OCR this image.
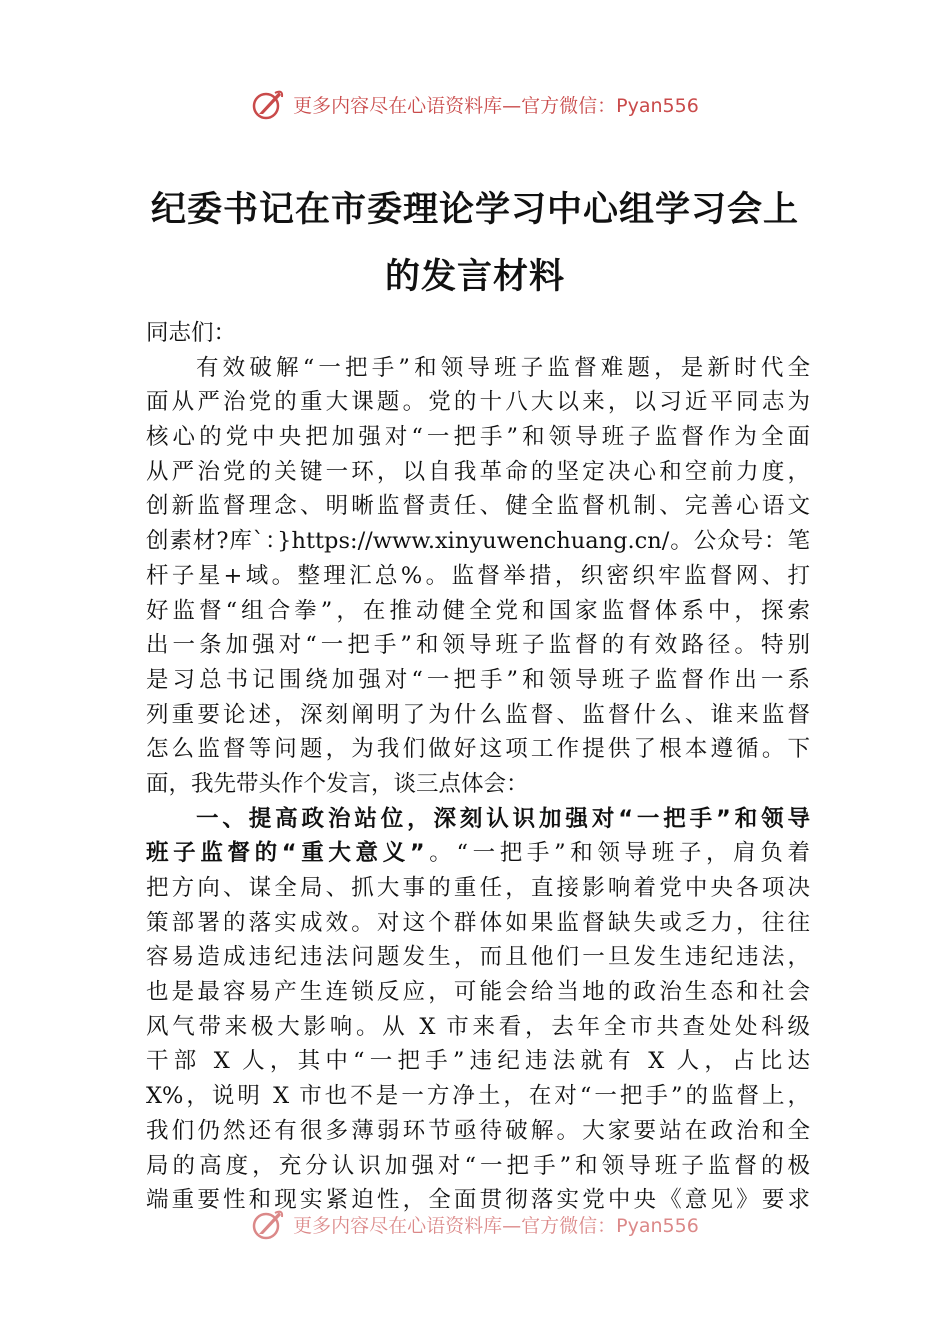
更多内容尽在心语资料库—官方微信：Pyan556
纪委书记在市委理论学习中心组学习会上
的发言材料
同志们：
有效破解“一把手”和领导班子监督难题，是新时代全
面从严治党的重大课题。党的十八大以来，以习近平同志为
核心的党中央把加强对“一把手”和领导班子监督作为全面
从严治党的关键一环，以自我革命的坚定决心和空前力度，
创新监督理念、明晰监督责任、健全监督机制、完善心语文
创素材?库`：}https://www.xinyuwenchuang.cn/。公众号：笔
杆子星+域。整理汇总%。监督举措，织密织牢监督网、打
好监督“组合拳”，在推动健全党和国家监督体系中，探索
出一条加强对“一把手”和领导班子监督的有效路径。特别
是习总书记围绕加强对“一把手”和领导班子监督作出一系
列重要论述，深刻阐明了为什么监督、监督什么、谁来监督
怎么监督等问题，为我们做好这项工作提供了根本遵循。下
面，我先带头作个发言，谈三点体会：
一、提高政治站位，深刻认识加强对“一把手”和领导
班子监督的“重大意义”。“一把手”和领导班子，肩负着
把方向、谋全局、抓大事的重任，直接影响着党中央各项决
策部署的落实成效。对这个群体如果监督缺失或乏力，往往
容易造成违纪违法问题发生，而且他们一旦发生违纪违法，
也是最容易产生连锁反应，可能会给当地的政治生态和社会
风气带来极大影响。从 X 市来看，去年全市共查处处科级
干部 X 人，其中“一把手”违纪违法就有 X 人，占比达
X%，说明 X 市也不是一方净土，在对“一把手”的监督上，
我们仍然还有很多薄弱环节亟待破解。大家要站在政治和全
局的高度，充分认识加强对“一把手”和领导班子监督的极
端重要性和现实紧迫性，全面贯彻落实党中央《意见》要求
更多内容尽在心语资料库—官方微信：Pyan556
